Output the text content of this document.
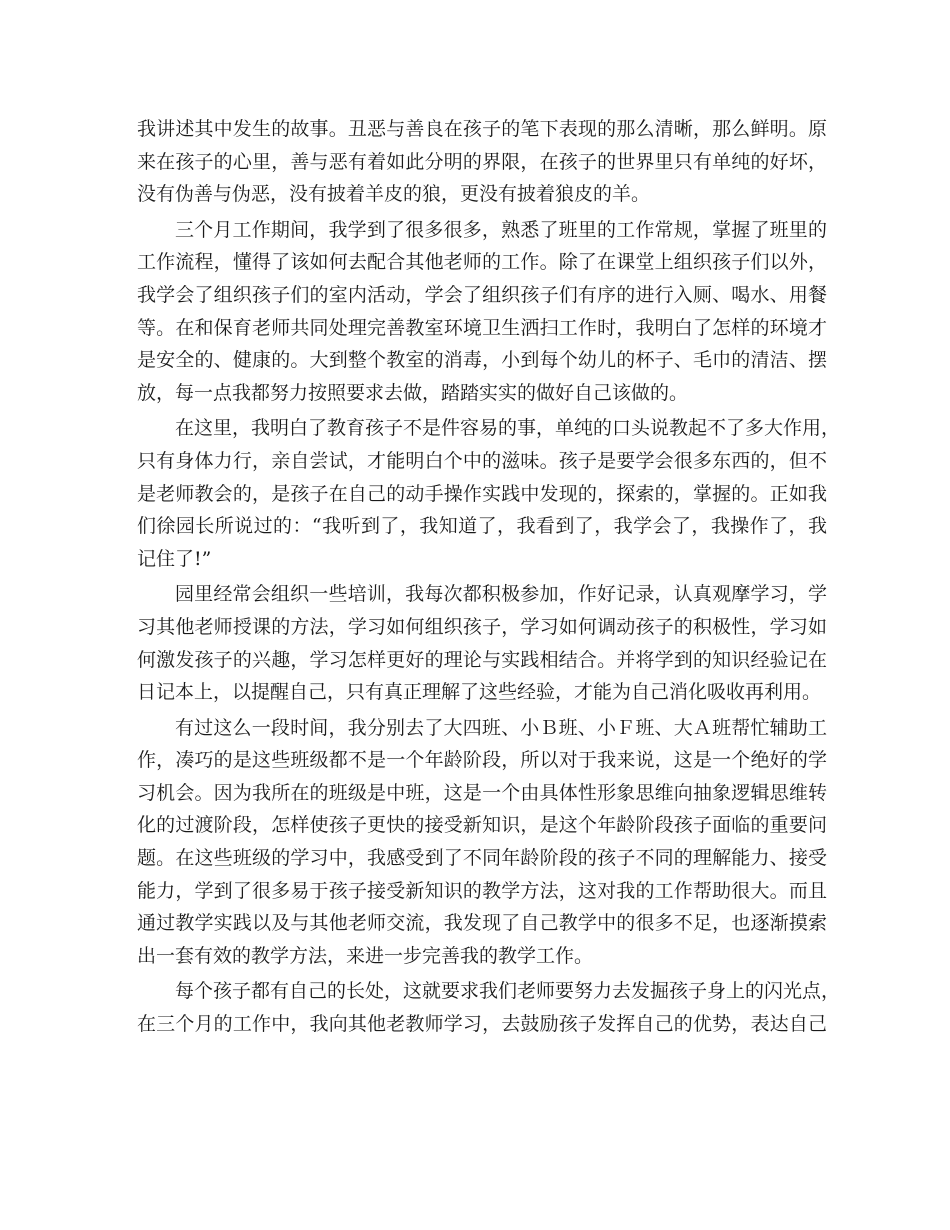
我讲述其中发生的故事。丑恶与善良在孩子的笔下表现的那么清晰，那么鲜明。原
来在孩子的心里，善与恶有着如此分明的界限，在孩子的世界里只有单纯的好坏，
没有伪善与伪恶，没有披着羊皮的狼，更没有披着狼皮的羊。
三个月工作期间，我学到了很多很多，熟悉了班里的工作常规，掌握了班里的
工作流程，懂得了该如何去配合其他老师的工作。除了在课堂上组织孩子们以外，
我学会了组织孩子们的室内活动，学会了组织孩子们有序的进行入厕、喝水、用餐
等。在和保育老师共同处理完善教室环境卫生洒扫工作时，我明白了怎样的环境才
是安全的、健康的。大到整个教室的消毒，小到每个幼儿的杯子、毛巾的清洁、摆
放，每一点我都努力按照要求去做，踏踏实实的做好自己该做的。
在这里，我明白了教育孩子不是件容易的事，单纯的口头说教起不了多大作用，
只有身体力行，亲自尝试，才能明白个中的滋味。孩子是要学会很多东西的，但不
是老师教会的，是孩子在自己的动手操作实践中发现的，探索的，掌握的。正如我
们徐园长所说过的：“我听到了，我知道了，我看到了，我学会了，我操作了，我
记住了!”
园里经常会组织一些培训，我每次都积极参加，作好记录，认真观摩学习，学
习其他老师授课的方法，学习如何组织孩子，学习如何调动孩子的积极性，学习如
何激发孩子的兴趣，学习怎样更好的理论与实践相结合。并将学到的知识经验记在
日记本上，以提醒自己，只有真正理解了这些经验，才能为自己消化吸收再利用。
有过这么一段时间，我分别去了大四班、小Ｂ班、小Ｆ班、大Ａ班帮忙辅助工
作，凑巧的是这些班级都不是一个年龄阶段，所以对于我来说，这是一个绝好的学
习机会。因为我所在的班级是中班，这是一个由具体性形象思维向抽象逻辑思维转
化的过渡阶段，怎样使孩子更快的接受新知识，是这个年龄阶段孩子面临的重要问
题。在这些班级的学习中，我感受到了不同年龄阶段的孩子不同的理解能力、接受
能力，学到了很多易于孩子接受新知识的教学方法，这对我的工作帮助很大。而且
通过教学实践以及与其他老师交流，我发现了自己教学中的很多不足，也逐渐摸索
出一套有效的教学方法，来进一步完善我的教学工作。
每个孩子都有自己的长处，这就要求我们老师要努力去发掘孩子身上的闪光点，
在三个月的工作中，我向其他老教师学习，去鼓励孩子发挥自己的优势，表达自己
